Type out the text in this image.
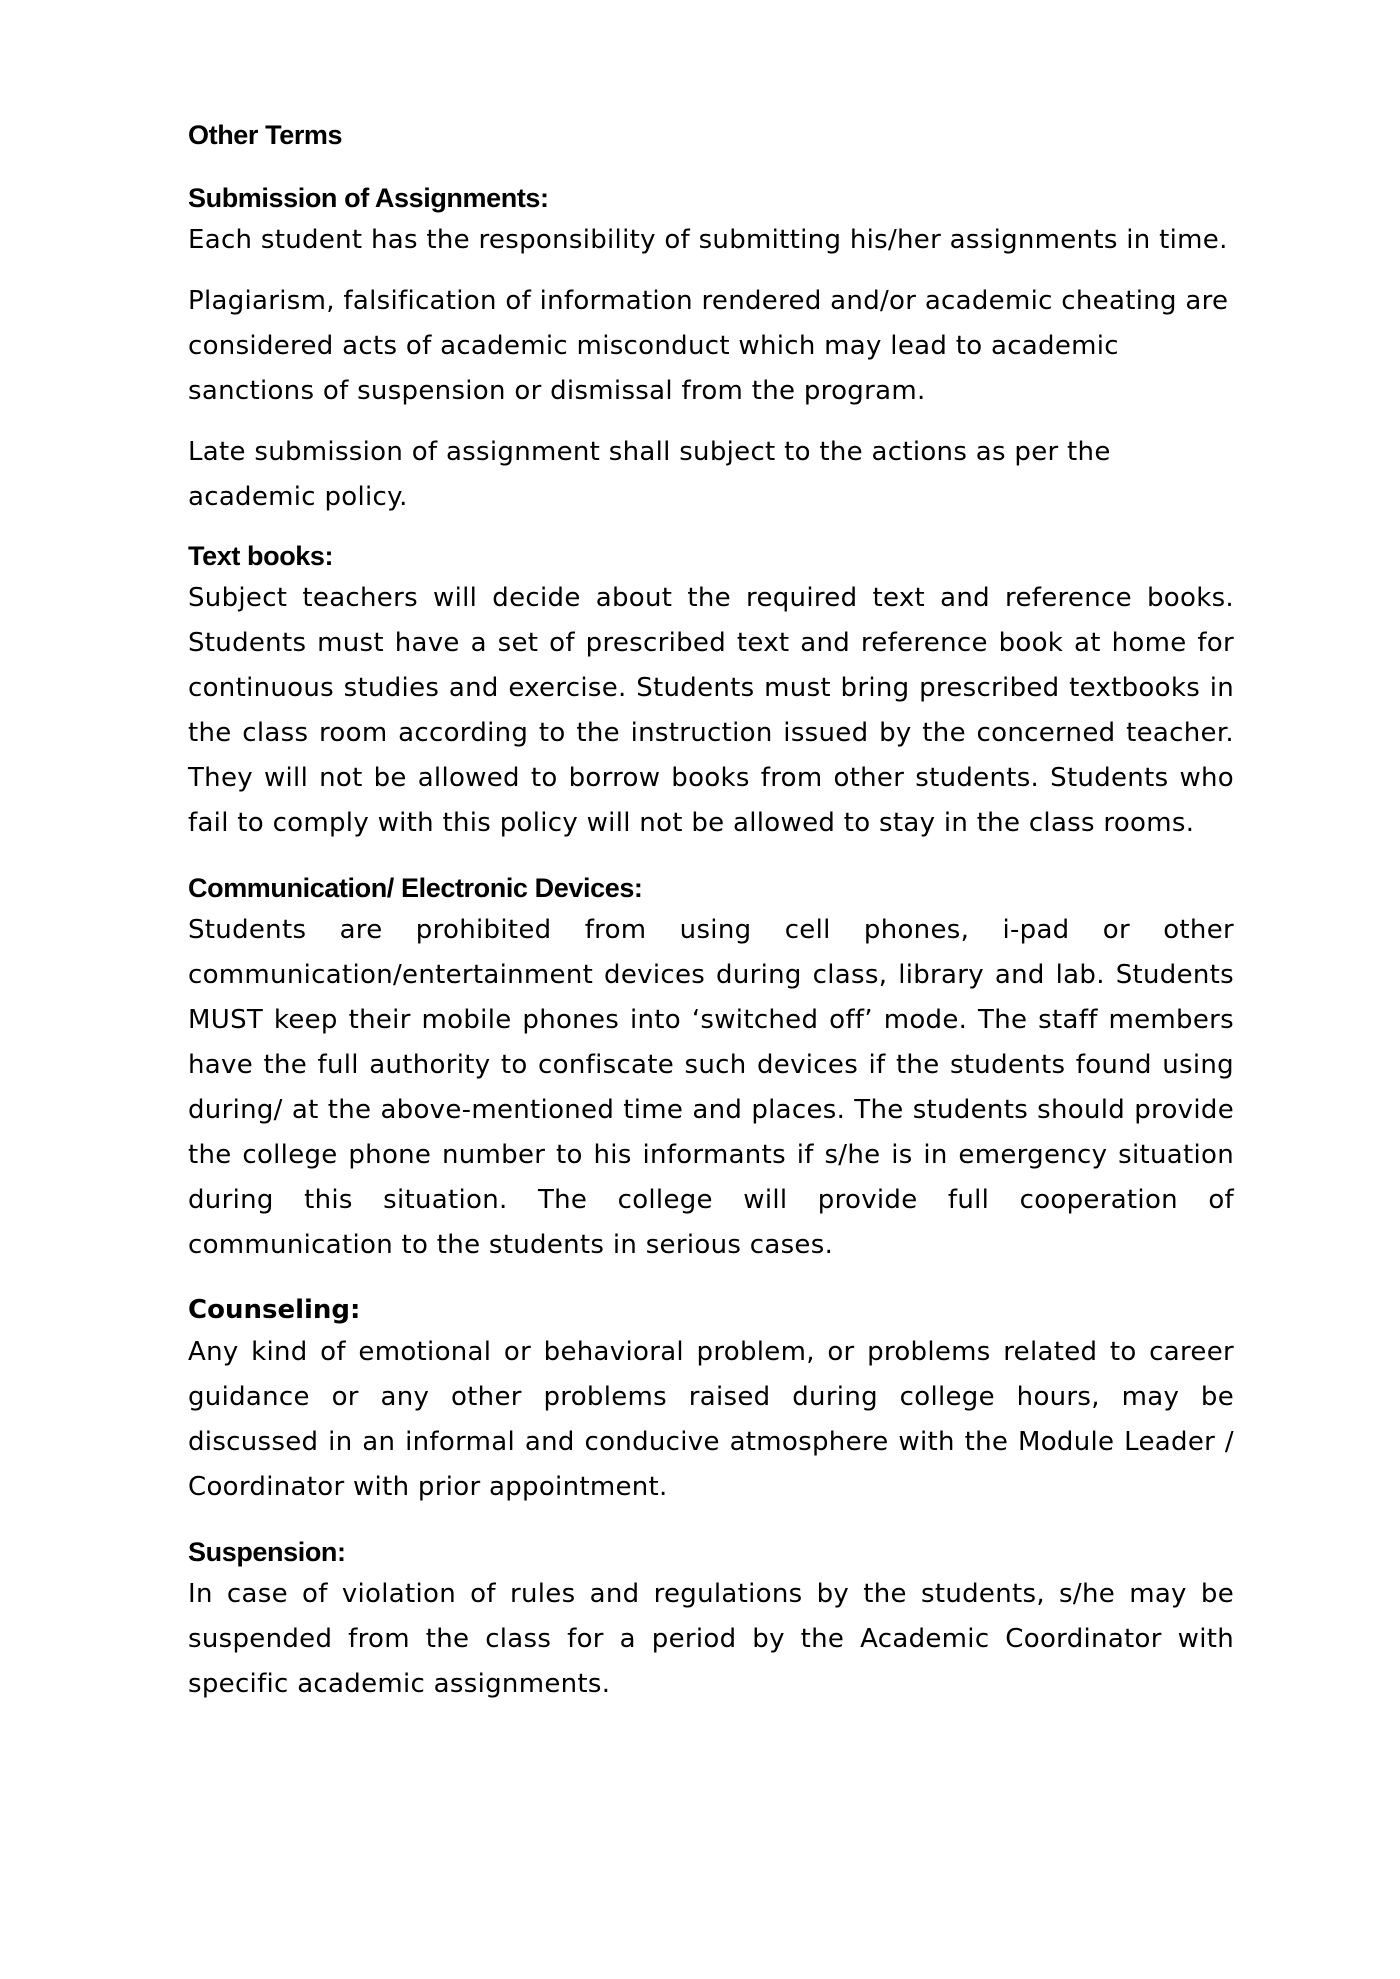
Other Terms
Submission of Assignments:

Each student has the responsibility of submitting his/her assignments in time.

Plagiarism, falsification of information rendered and/or academic cheating are considered acts of academic misconduct which may lead to academic sanctions of suspension or dismissal from the program.

Late submission of assignment shall subject to the actions as per the academic policy.

Text books:

Subject teachers will decide about the required text and reference books. Students must have a set of prescribed text and reference book at home for continuous studies and exercise. Students must bring prescribed textbooks in the class room according to the instruction issued by the concerned teacher. They will not be allowed to borrow books from other students. Students who fail to comply with this policy will not be allowed to stay in the class rooms.

Communication/ Electronic Devices:

Students are prohibited from using cell phones, i-pad or other communication/entertainment devices during class, library and lab. Students MUST keep their mobile phones into ‘switched off’ mode. The staff members have the full authority to confiscate such devices if the students found using during/ at the above-mentioned time and places. The students should provide the college phone number to his informants if s/he is in emergency situation during this situation. The college will provide full cooperation of communication to the students in serious cases.

Counseling:

Any kind of emotional or behavioral problem, or problems related to career guidance or any other problems raised during college hours, may be discussed in an informal and conducive atmosphere with the Module Leader / Coordinator with prior appointment.

Suspension:

In case of violation of rules and regulations by the students, s/he may be suspended from the class for a period by the Academic Coordinator with specific academic assignments.
